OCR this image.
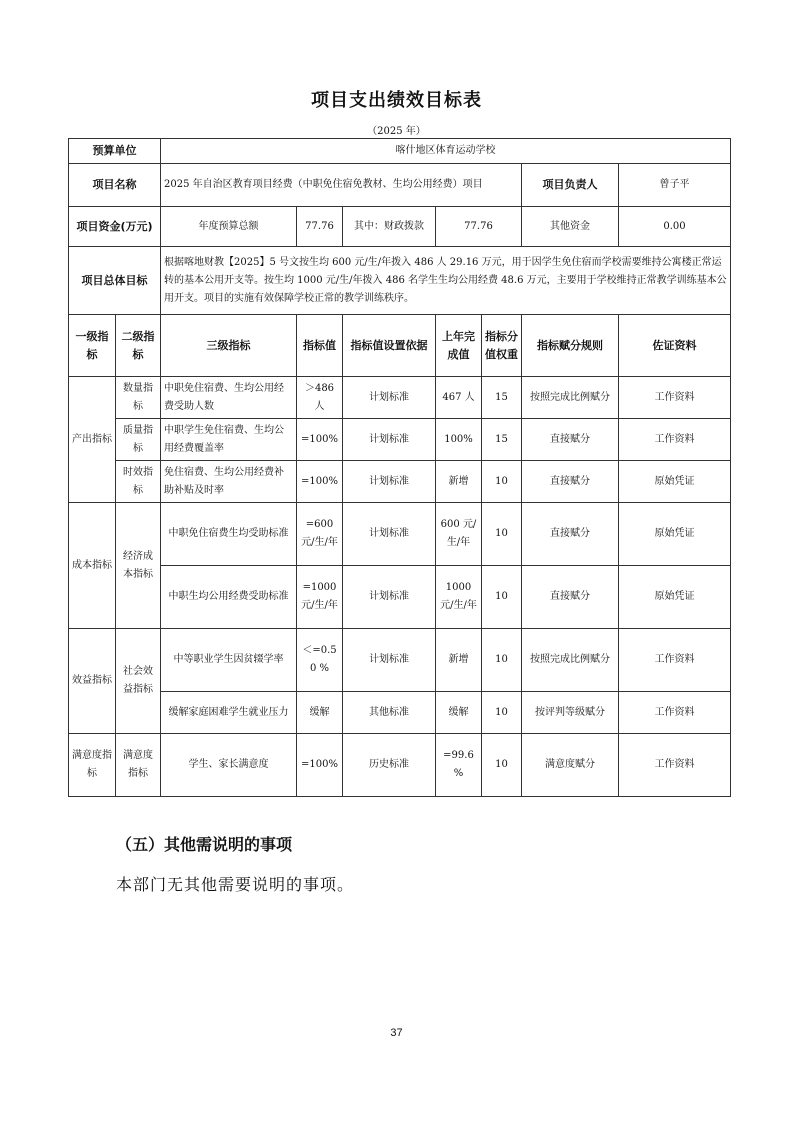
项目支出绩效目标表
（2025 年）
预算单位		喀什地区体育运动学校						
项目名称		2025 年自治区教育项目经费（中职免住宿免教材、生均公用经费）项目					项目负责人	曾子平
项目资金(万元)		年度预算总额	77.76	其中：财政拨款	77.76		其他资金	0.00
项目总体目标		根据喀地财教【2025】5 号文按生均 600 元/生/年拨入 486 人 29.16 万元，用于因学生免住宿而学校需要维持公寓楼正常运转的基本公用开支等。按生均 1000 元/生/年拨入 486 名学生生均公用经费 48.6 万元，主要用于学校维持正常教学训练基本公用开支。项目的实施有效保障学校正常的教学训练秩序。						
一级指标	二级指标	三级指标	指标值	指标值设置依据	上年完成值	指标分值权重	指标赋分规则	佐证资料
产出指标	数量指标	中职免住宿费、生均公用经费受助人数	＞486 人	计划标准	467 人	15	按照完成比例赋分	工作资料
	质量指标	中职学生免住宿费、生均公用经费覆盖率	=100%	计划标准	100%	15	直接赋分	工作资料
	时效指标	免住宿费、生均公用经费补助补贴及时率	=100%	计划标准	新增	10	直接赋分	原始凭证
成本指标	经济成本指标	中职免住宿费生均受助标准	=600 元/生/年	计划标准	600 元/生/年	10	直接赋分	原始凭证
		中职生均公用经费受助标准	=1000 元/生/年	计划标准	1000 元/生/年	10	直接赋分	原始凭证
效益指标	社会效益指标	中等职业学生因贫辍学率	＜=0.50 %	计划标准	新增	10	按照完成比例赋分	工作资料
		缓解家庭困难学生就业压力	缓解	其他标准	缓解	10	按评判等级赋分	工作资料
满意度指标	满意度指标	学生、家长满意度	=100%	历史标准	=99.6 %	10	满意度赋分	工作资料
（五）其他需说明的事项
本部门无其他需要说明的事项。
37
